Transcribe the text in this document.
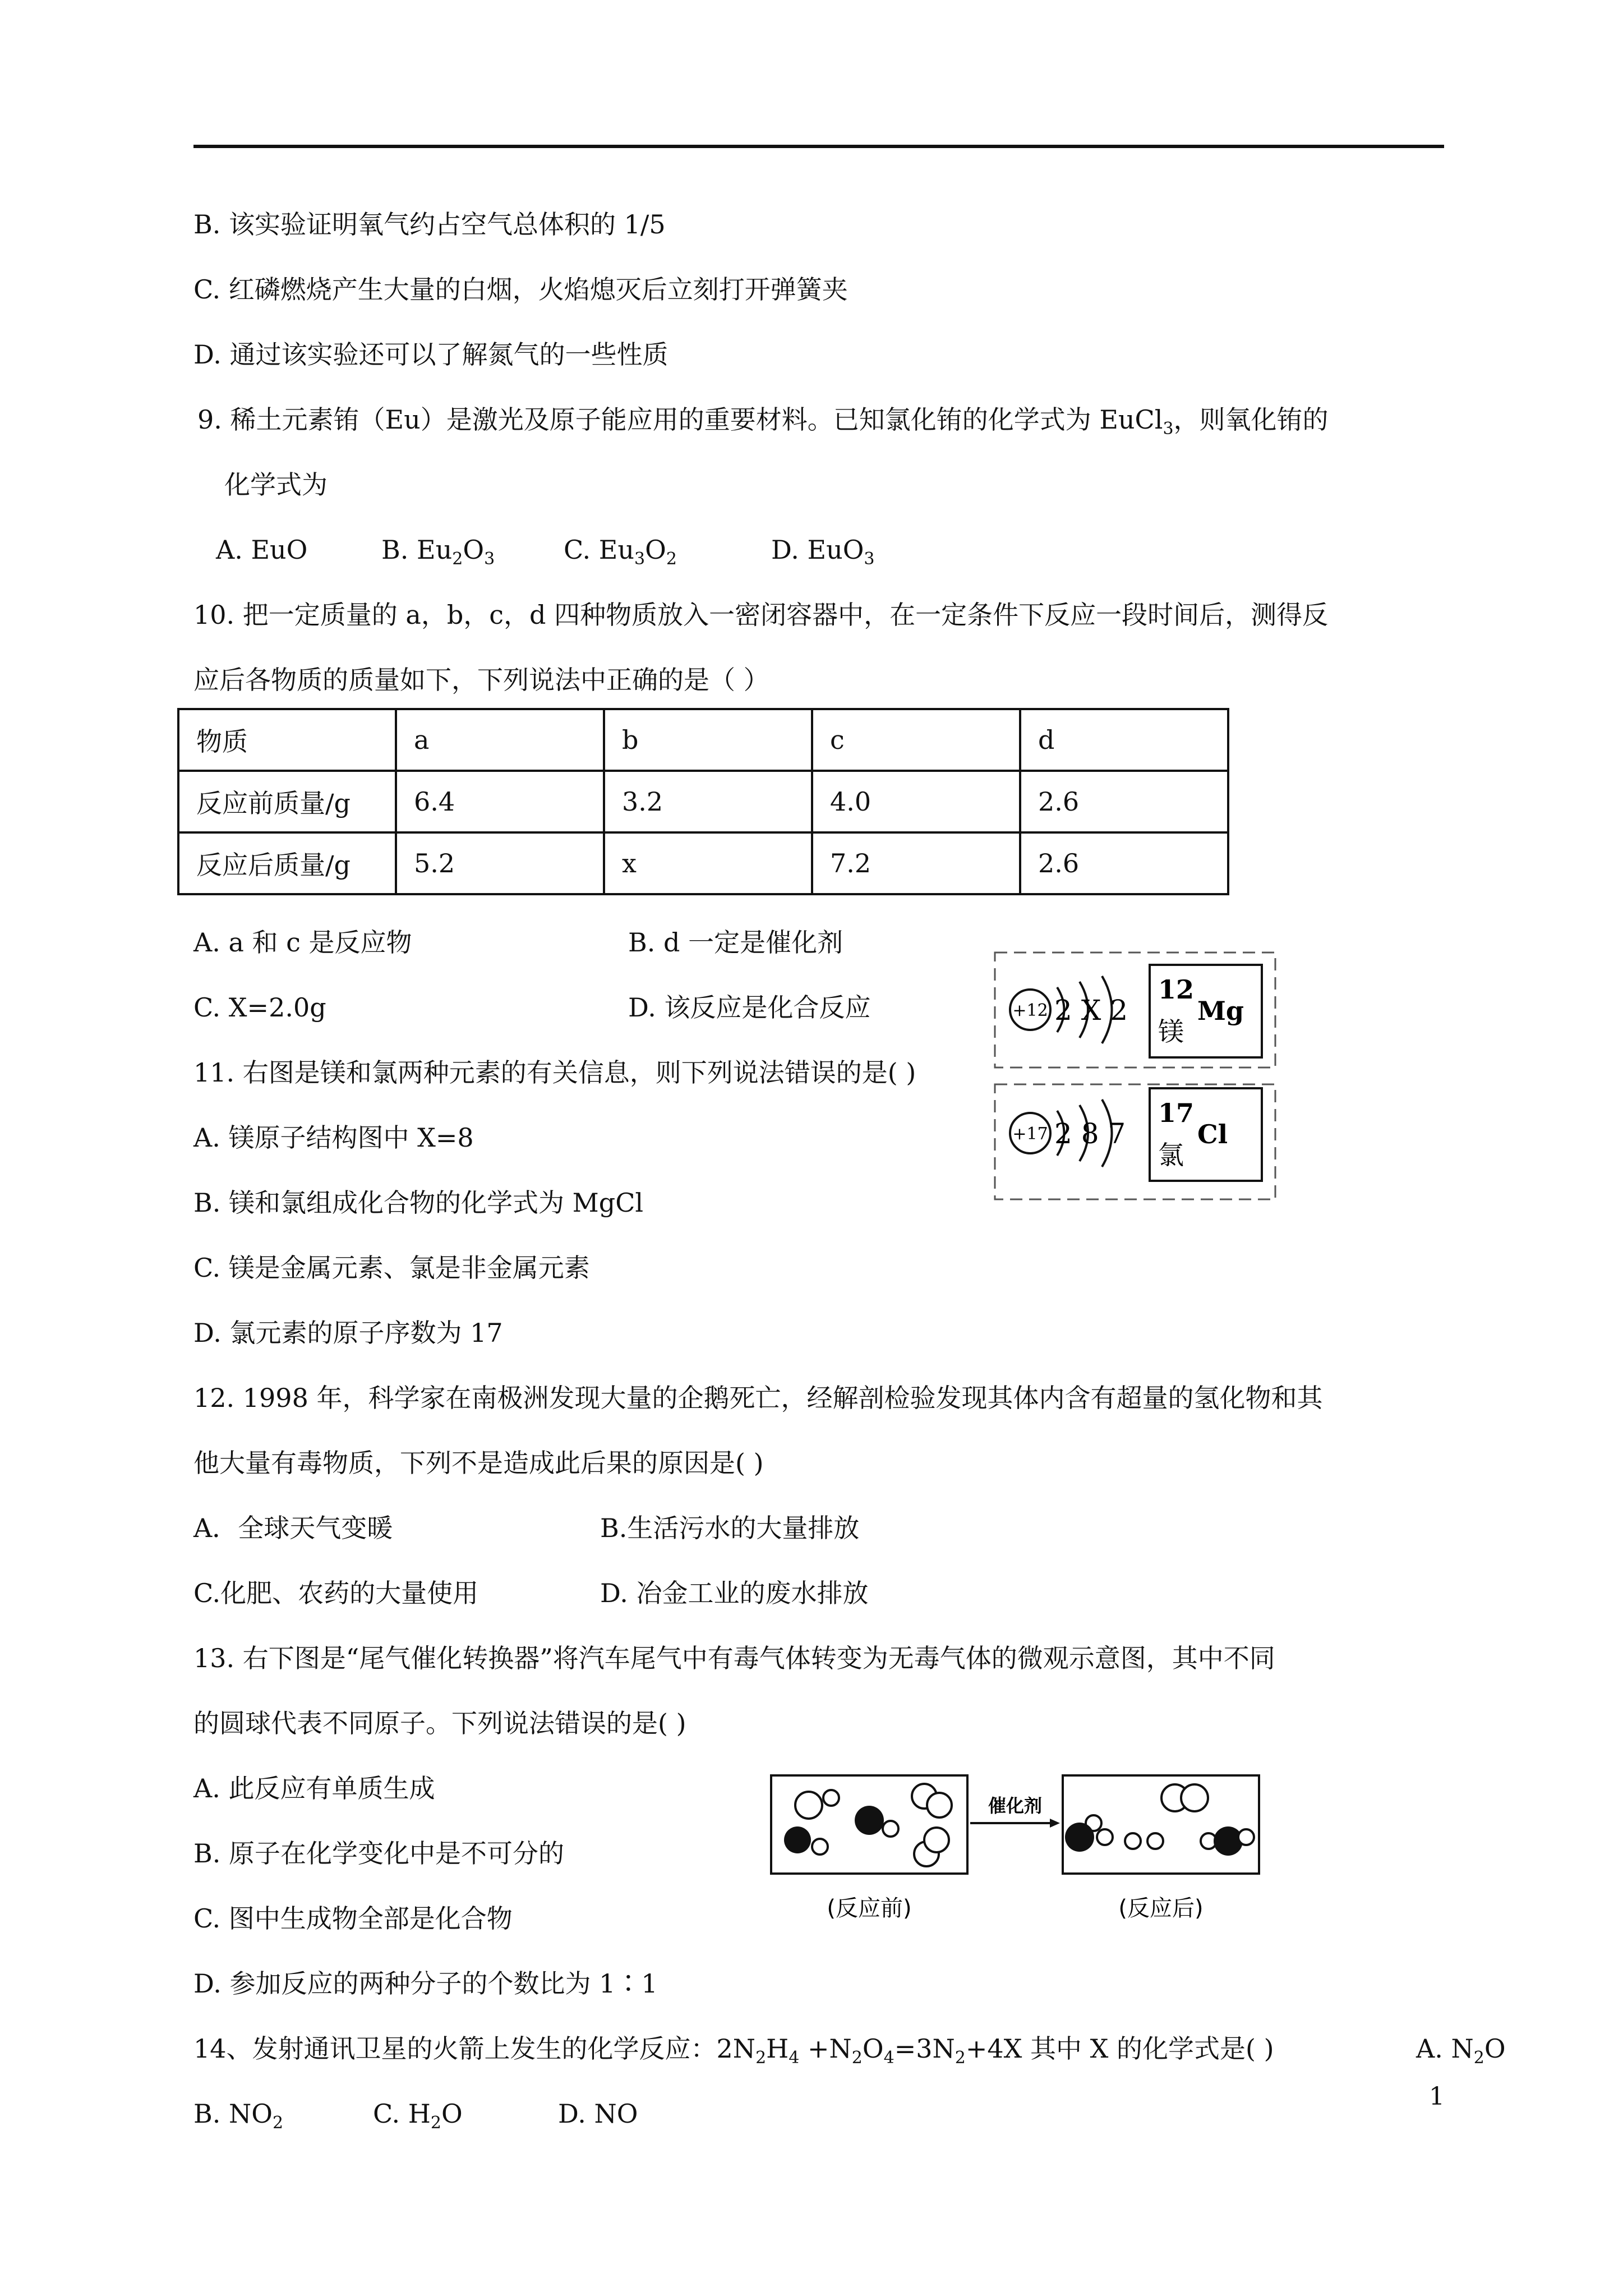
B. 该实验证明氧气约占空气总体积的 1/5
C. 红磷燃烧产生大量的白烟，火焰熄灭后立刻打开弹簧夹
D. 通过该实验还可以了解氮气的一些性质
9. 稀土元素铕（Eu）是激光及原子能应用的重要材料。已知氯化铕的化学式为 EuCl$_3$，则氧化铕的
化学式为
A. EuO	B. $Eu_2O_3$	C. $Eu_3O_2$	D. EuO$_3$
10. 把一定质量的 a，b，c，d 四种物质放入一密闭容器中，在一定条件下反应一段时间后，测得反
应后各物质的质量如下，下列说法中正确的是（ ）
物质	a	b	c	d
反应前质量/g	6.4	3.2	4.0	2.6
反应后质量/g	5.2	x	7.2	2.6
A. a 和 c 是反应物	B. d 一定是催化剂
C. X=2.0g	D. 该反应是化合反应
11. 右图是镁和氯两种元素的有关信息，则下列说法错误的是( )
A. 镁原子结构图中 X=8
B. 镁和氯组成化合物的化学式为 MgCl
C. 镁是金属元素、氯是非金属元素
D. 氯元素的原子序数为 17
+12 2 X 2
12
镁
Mg
+17 2 8 7
17
氯
Cl
12. 1998 年，科学家在南极洲发现大量的企鹅死亡，经解剖检验发现其体内含有超量的氢化物和其
他大量有毒物质，下列不是造成此后果的原因是( )
A．全球天气变暖	B.生活污水的大量排放
C.化肥、农药的大量使用	D. 冶金工业的废水排放
13. 右下图是“尾气催化转换器”将汽车尾气中有毒气体转变为无毒气体的微观示意图，其中不同
的圆球代表不同原子。下列说法错误的是( )
A. 此反应有单质生成
B. 原子在化学变化中是不可分的
C. 图中生成物全部是化合物
D. 参加反应的两种分子的个数比为 1∶1
催化剂
(反应前)	(反应后)
14、发射通讯卫星的火箭上发生的化学反应：$2N_2H_4 +N_2O_4=3N_2+4X$ 其中 X 的化学式是( )	A. $N_2O$
B. $NO_2$	C. $H_2O$	D. NO
1
